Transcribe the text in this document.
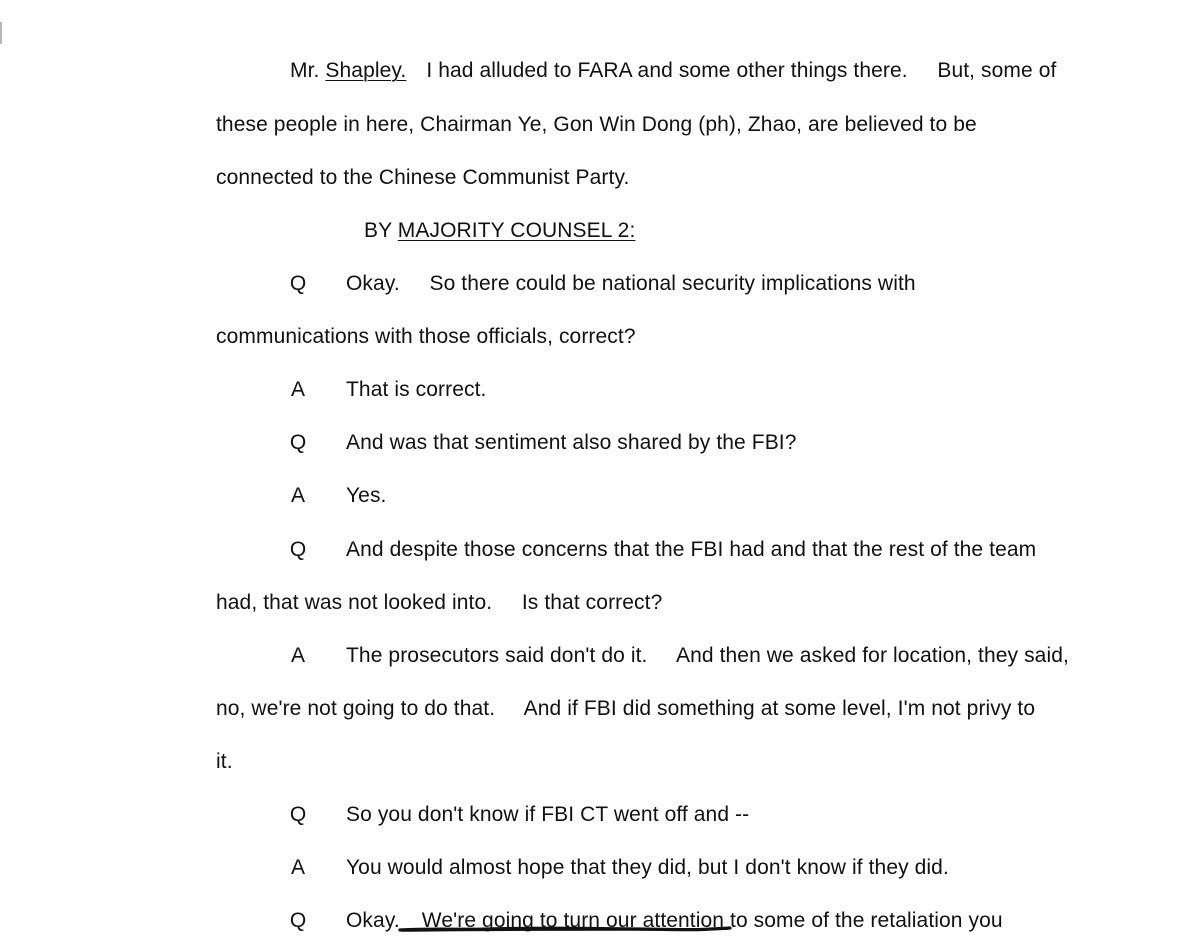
Mr. Shapley. I had alluded to FARA and some other things there.     But, some of
these people in here, Chairman Ye, Gon Win Dong (ph), Zhao, are believed to be
connected to the Chinese Communist Party.
BY MAJORITY COUNSEL 2:
Q	Okay.     So there could be national security implications with
communications with those officials, correct?
A	That is correct.
Q	And was that sentiment also shared by the FBI?
A	Yes.
Q	And despite those concerns that the FBI had and that the rest of the team
had, that was not looked into.     Is that correct?
A	The prosecutors said don't do it.     And then we asked for location, they said,
no, we're not going to do that.     And if FBI did something at some level, I'm not privy to
it.
Q	So you don't know if FBI CT went off and --
A	You would almost hope that they did, but I don't know if they did.
Q	Okay. We're going to turn our attention to some of the retaliation you
